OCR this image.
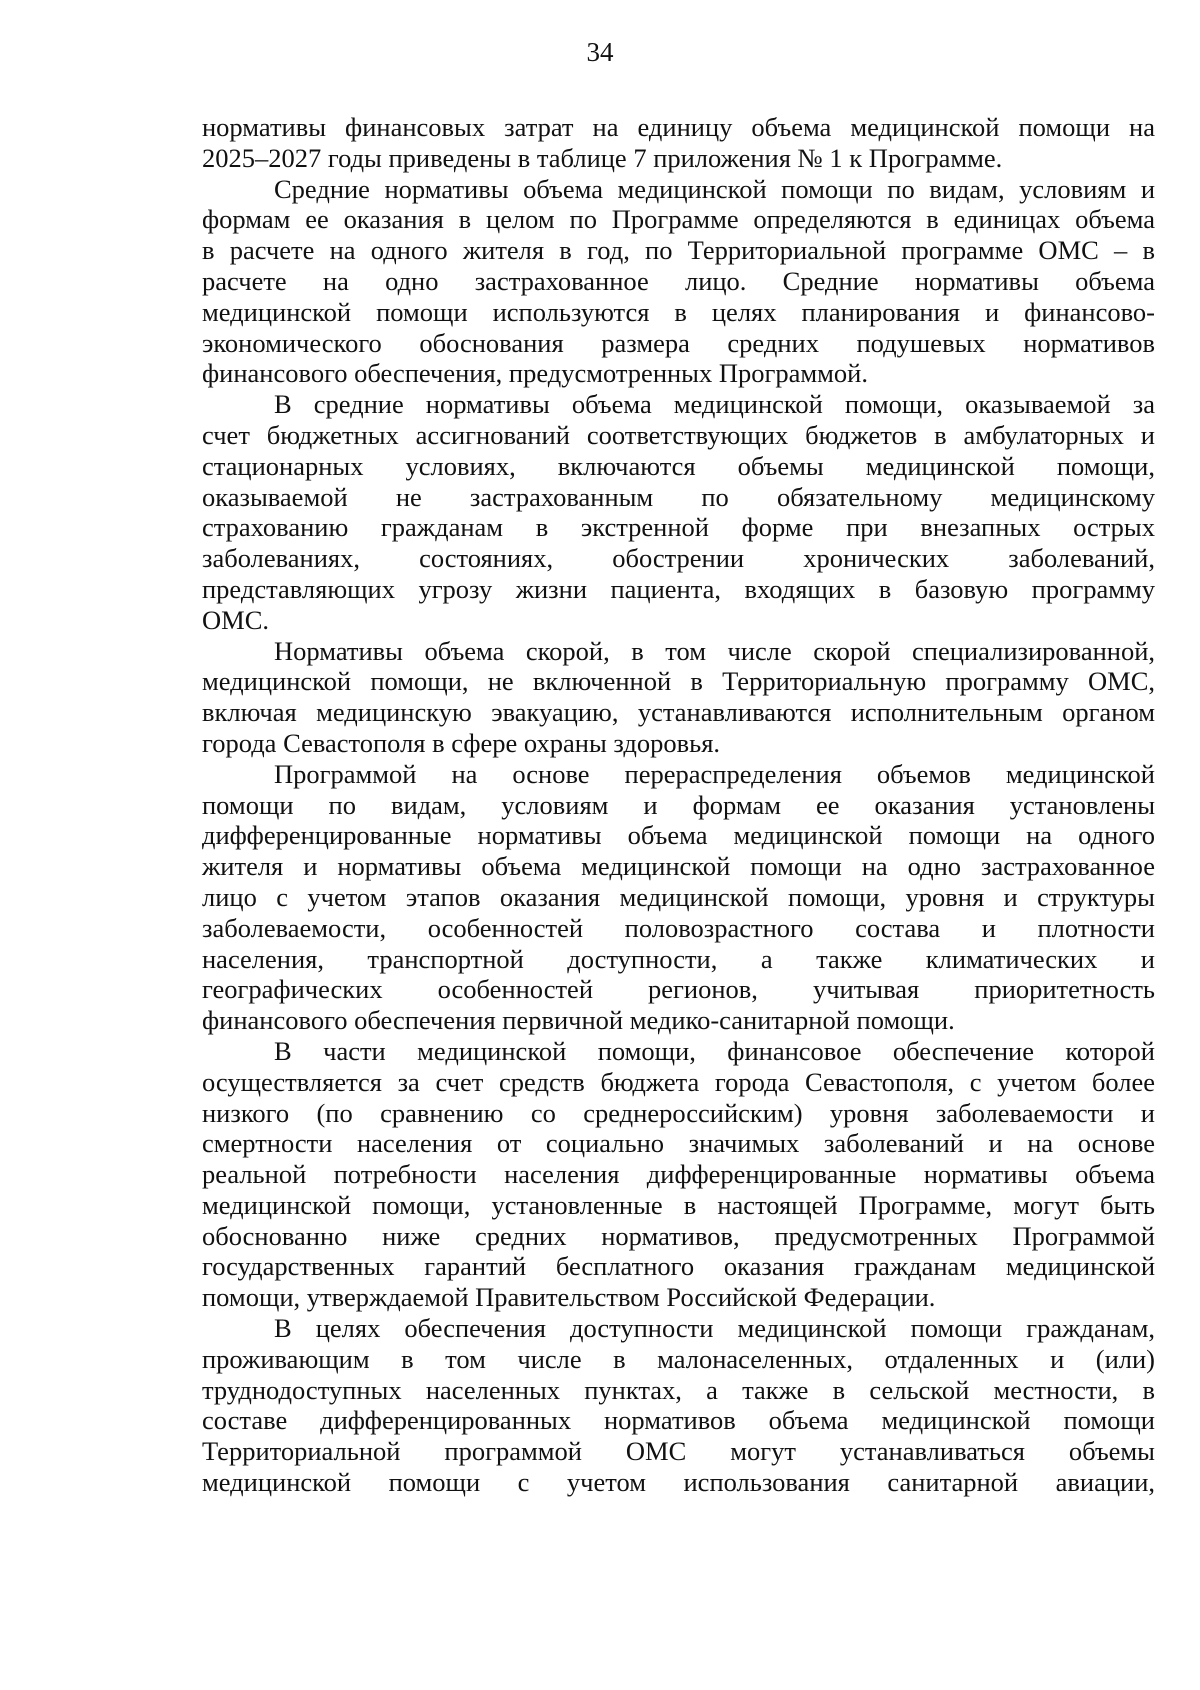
34
нормативы финансовых затрат на единицу объема медицинской помощи на
2025–2027 годы приведены в таблице 7 приложения № 1 к Программе.
Средние нормативы объема медицинской помощи по видам, условиям и
формам ее оказания в целом по Программе определяются в единицах объема
в расчете на одного жителя в год, по Территориальной программе ОМС – в
расчете на одно застрахованное лицо. Средние нормативы объема
медицинской помощи используются в целях планирования и финансово-
экономического обоснования размера средних подушевых нормативов
финансового обеспечения, предусмотренных Программой.
В средние нормативы объема медицинской помощи, оказываемой за
счет бюджетных ассигнований соответствующих бюджетов в амбулаторных и
стационарных условиях, включаются объемы медицинской помощи,
оказываемой не застрахованным по обязательному медицинскому
страхованию гражданам в экстренной форме при внезапных острых
заболеваниях, состояниях, обострении хронических заболеваний,
представляющих угрозу жизни пациента, входящих в базовую программу
ОМС.
Нормативы объема скорой, в том числе скорой специализированной,
медицинской помощи, не включенной в Территориальную программу ОМС,
включая медицинскую эвакуацию, устанавливаются исполнительным органом
города Севастополя в сфере охраны здоровья.
Программой на основе перераспределения объемов медицинской
помощи по видам, условиям и формам ее оказания установлены
дифференцированные нормативы объема медицинской помощи на одного
жителя и нормативы объема медицинской помощи на одно застрахованное
лицо с учетом этапов оказания медицинской помощи, уровня и структуры
заболеваемости, особенностей половозрастного состава и плотности
населения, транспортной доступности, а также климатических и
географических особенностей регионов, учитывая приоритетность
финансового обеспечения первичной медико-санитарной помощи.
В части медицинской помощи, финансовое обеспечение которой
осуществляется за счет средств бюджета города Севастополя, с учетом более
низкого (по сравнению со среднероссийским) уровня заболеваемости и
смертности населения от социально значимых заболеваний и на основе
реальной потребности населения дифференцированные нормативы объема
медицинской помощи, установленные в настоящей Программе, могут быть
обоснованно ниже средних нормативов, предусмотренных Программой
государственных гарантий бесплатного оказания гражданам медицинской
помощи, утверждаемой Правительством Российской Федерации.
В целях обеспечения доступности медицинской помощи гражданам,
проживающим в том числе в малонаселенных, отдаленных и (или)
труднодоступных населенных пунктах, а также в сельской местности, в
составе дифференцированных нормативов объема медицинской помощи
Территориальной программой ОМС могут устанавливаться объемы
медицинской помощи с учетом использования санитарной авиации,
